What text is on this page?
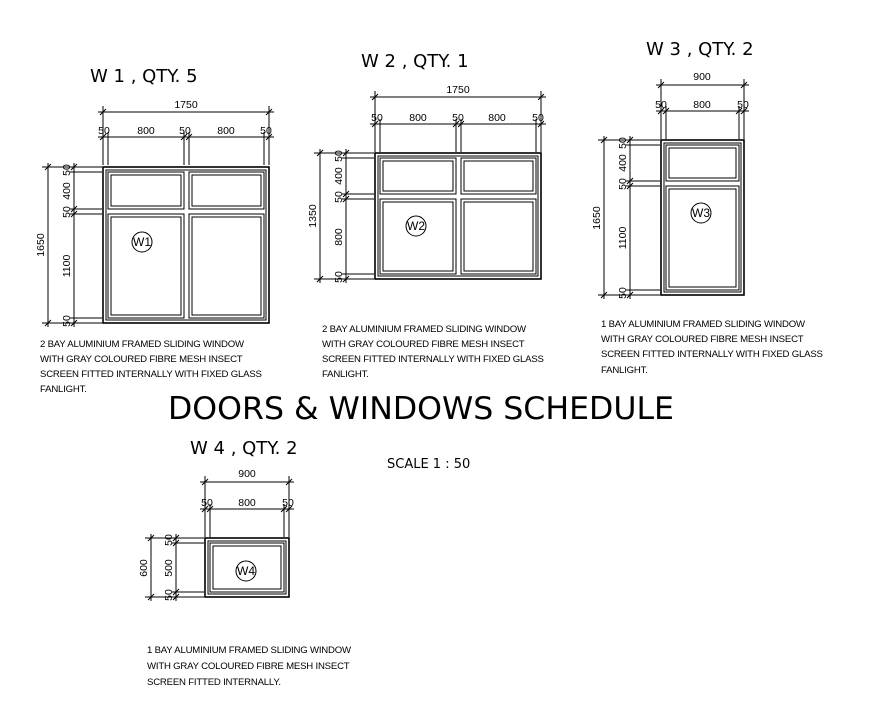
W 1 , QTY. 5
1750
50	800 50	800 50
1650
50
400
50
1100
50
W1
2 BAY ALUMINIUM FRAMED SLIDING WINDOW WITH GRAY COLOURED FIBRE MESH INSECT SCREEN FITTED INTERNALLY WITH FIXED GLASS FANLIGHT.
W 2 , QTY. 1
1750
50	800 50 800	50
1350
50
400
50
800
50
W2
2 BAY ALUMINIUM FRAMED SLIDING WINDOW WITH GRAY COLOURED FIBRE MESH INSECT SCREEN FITTED INTERNALLY WITH FIXED GLASS FANLIGHT.
W 3 , QTY. 2
900
50	800	50
1650
50
400
50
1100
50
W3
1 BAY ALUMINIUM FRAMED SLIDING WINDOW WITH GRAY COLOURED FIBRE MESH INSECT SCREEN FITTED INTERNALLY WITH FIXED GLASS FANLIGHT.
DOORS & WINDOWS SCHEDULE
SCALE 1 : 50
W 4 , QTY. 2
900
50 800	50
600
50
500
50
W4
1 BAY ALUMINIUM FRAMED SLIDING WINDOW WITH GRAY COLOURED FIBRE MESH INSECT SCREEN FITTED INTERNALLY.
